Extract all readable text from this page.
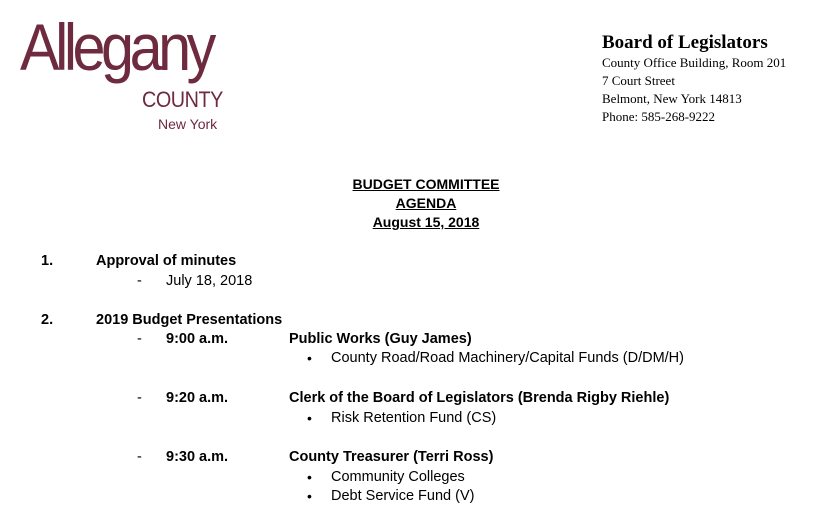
Allegany
COUNTY
New York
Board of Legislators
County Office Building, Room 201
7 Court Street
Belmont, New York 14813
Phone: 585-268-9222
BUDGET COMMITTEE
AGENDA
August 15, 2018
1.	Approval of minutes
- July 18, 2018
2.	2019 Budget Presentations
- 9:00 a.m.	Public Works (Guy James)
• County Road/Road Machinery/Capital Funds (D/DM/H)
- 9:20 a.m.	Clerk of the Board of Legislators (Brenda Rigby Riehle)
• Risk Retention Fund (CS)
- 9:30 a.m.	County Treasurer (Terri Ross)
• Community Colleges
• Debt Service Fund (V)
